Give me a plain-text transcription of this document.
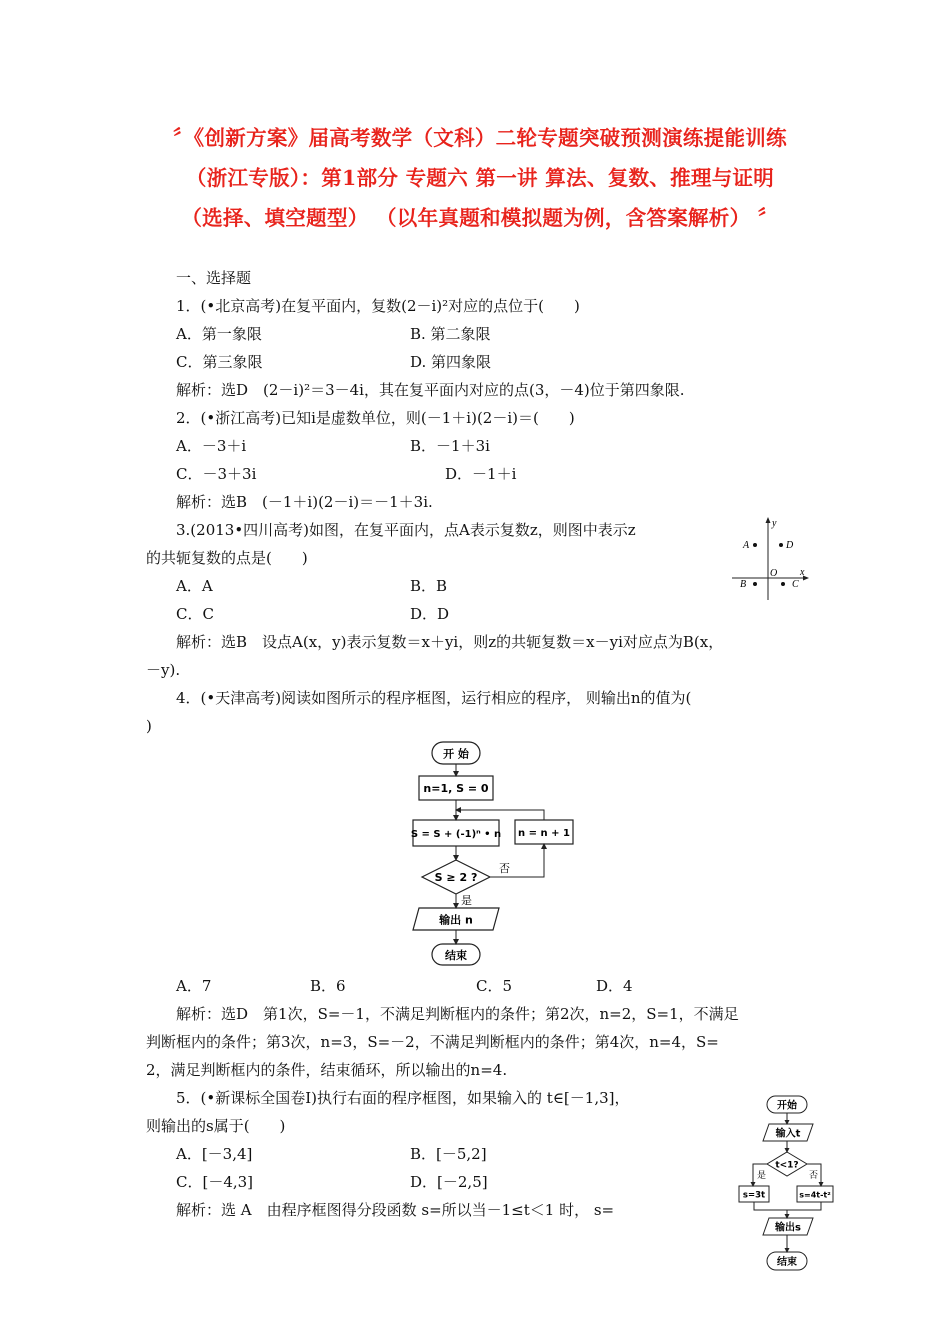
〞《创新方案》届高考数学（文科）二轮专题突破预测演练提能训练
（浙江专版）：第1部分 专题六 第一讲 算法、复数、推理与证明
（选择、填空题型） （以年真题和模拟题为例，含答案解析） 〞
一、选择题
1．(•北京高考)在复平面内，复数(2－i)²对应的点位于(　　)
A．第一象限	B. 第二象限
C．第三象限	D. 第四象限
解析：选D　(2－i)²＝3－4i，其在复平面内对应的点(3，－4)位于第四象限.
2．(•浙江高考)已知i是虚数单位，则(－1＋i)(2－i)＝(　　)
A．－3＋i	B．－1＋3i
C．－3＋3i	D．－1＋i
解析：选B　(－1＋i)(2－i)＝－1＋3i.
3.(2013•四川高考)如图，在复平面内，点A表示复数z，则图中表示z
的共轭复数的点是(　　)
A．A	B．B
C．C	D．D
解析：选B　设点A(x，y)表示复数＝x＋yi，则z的共轭复数＝x－yi对应点为B(x，
－y).
y
x
O
A	D
B	C
4．(•天津高考)阅读如图所示的程序框图，运行相应的程序， 则输出n的值为(
)
开 始
n=1, S = 0
S = S + (-1)ⁿ • n
S ≥ 2 ?
n = n + 1
否
是
输出 n
结束
A．7	B．6	C．5	D．4
解析：选D　第1次，S=－1，不满足判断框内的条件；第2次，n=2，S=1，不满足
判断框内的条件；第3次，n=3，S=－2，不满足判断框内的条件；第4次，n=4，S=
2，满足判断框内的条件，结束循环，所以输出的n=4.
5．(•新课标全国卷Ⅰ)执行右面的程序框图，如果输入的 t∈[－1,3]，
则输出的s属于(　　)
A．[－3,4]	B．[－5,2]
C．[－4,3]	D．[－2,5]
解析：选 A　由程序框图得分段函数 s=所以当－1≤t＜1 时， s=
开始
输入t
t<1?
是	否
s=3t	s=4t-t²
输出s
结束
